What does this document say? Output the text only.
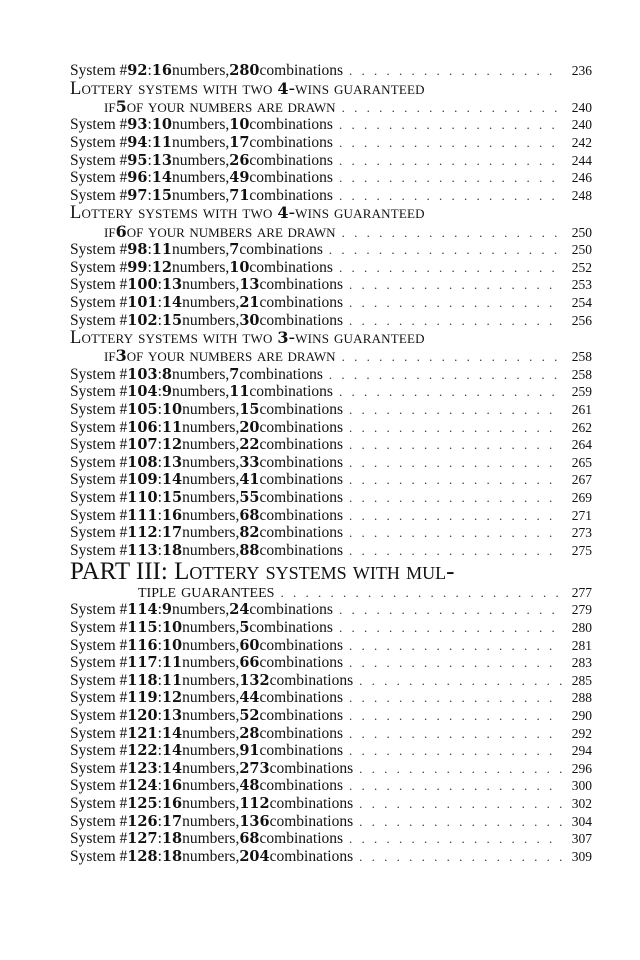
System # 92 : 16 numbers, 280 combinations . . .	236
Lottery systems with two 4-wins guaranteed
if 5 of your numbers are drawn . . .	240
System # 93 : 10 numbers, 10 combinations . . .	240
System # 94 : 11 numbers, 17 combinations . . .	242
System # 95 : 13 numbers, 26 combinations . . .	244
System # 96 : 14 numbers, 49 combinations . . .	246
System # 97 : 15 numbers, 71 combinations . . .	248
Lottery systems with two 4-wins guaranteed
if 6 of your numbers are drawn . . .	250
System # 98 : 11 numbers, 7 combinations . . .	250
System # 99 : 12 numbers, 10 combinations . . .	252
System # 100 : 13 numbers, 13 combinations . . .	253
System # 101 : 14 numbers, 21 combinations . . .	254
System # 102 : 15 numbers, 30 combinations . . .	256
Lottery systems with two 3-wins guaranteed
if 3 of your numbers are drawn . . .	258
System # 103 : 8 numbers, 7 combinations . . .	258
System # 104 : 9 numbers, 11 combinations . . .	259
System # 105 : 10 numbers, 15 combinations . . .	261
System # 106 : 11 numbers, 20 combinations . . .	262
System # 107 : 12 numbers, 22 combinations . . .	264
System # 108 : 13 numbers, 33 combinations . . .	265
System # 109 : 14 numbers, 41 combinations . . .	267
System # 110 : 15 numbers, 55 combinations . . .	269
System # 111 : 16 numbers, 68 combinations . . .	271
System # 112 : 17 numbers, 82 combinations . . .	273
System # 113 : 18 numbers, 88 combinations . . .	275
PART III: Lottery systems with mul-
tiple guarantees . . .	277
System # 114 : 9 numbers, 24 combinations . . .	279
System # 115 : 10 numbers, 5 combinations . . .	280
System # 116 : 10 numbers, 60 combinations . . .	281
System # 117 : 11 numbers, 66 combinations . . .	283
System # 118 : 11 numbers, 132 combinations . . .	285
System # 119 : 12 numbers, 44 combinations . . .	288
System # 120 : 13 numbers, 52 combinations . . .	290
System # 121 : 14 numbers, 28 combinations . . .	292
System # 122 : 14 numbers, 91 combinations . . .	294
System # 123 : 14 numbers, 273 combinations . . .	296
System # 124 : 16 numbers, 48 combinations . . .	300
System # 125 : 16 numbers, 112 combinations . . .	302
System # 126 : 17 numbers, 136 combinations . . .	304
System # 127 : 18 numbers, 68 combinations . . .	307
System # 128 : 18 numbers, 204 combinations . . .	309
